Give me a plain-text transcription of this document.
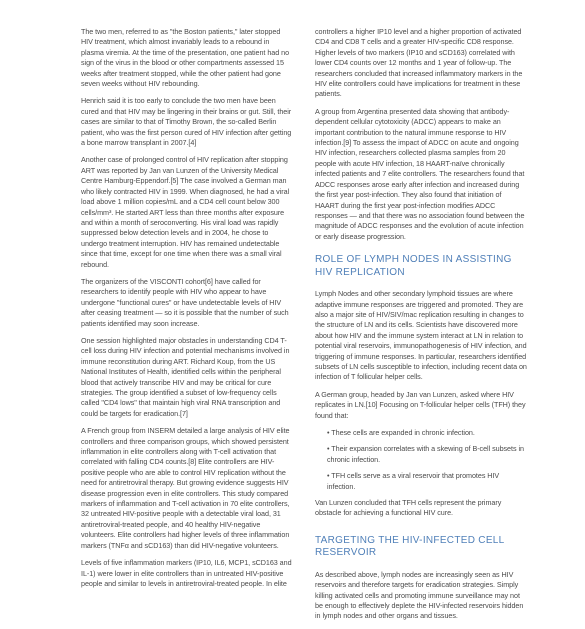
The two men, referred to as "the Boston patients," later stopped HIV treatment, which almost invariably leads to a rebound in plasma viremia. At the time of the presentation, one patient had no sign of the virus in the blood or other compartments assessed 15 weeks after treatment stopped, while the other patient had gone seven weeks without HIV rebounding.

Henrich said it is too early to conclude the two men have been cured and that HIV may be lingering in their brains or gut. Still, their cases are similar to that of Timothy Brown, the so-called Berlin patient, who was the first person cured of HIV infection after getting a bone marrow transplant in 2007.[4]

Another case of prolonged control of HIV replication after stopping ART was reported by Jan van Lunzen of the University Medical Centre Hamburg-Eppendorf.[5] The case involved a German man who likely contracted HIV in 1999. When diagnosed, he had a viral load above 1 million copies/mL and a CD4 cell count below 300 cells/mm³. He started ART less than three months after exposure and within a month of seroconverting. His viral load was rapidly suppressed below detection levels and in 2004, he chose to undergo treatment interruption. HIV has remained undetectable since that time, except for one time when there was a small viral rebound.

The organizers of the VISCONTI cohort[6] have called for researchers to identify people with HIV who appear to have undergone "functional cures" or have undetectable levels of HIV after ceasing treatment — so it is possible that the number of such patients identified may soon increase.

One session highlighted major obstacles in understanding CD4 T-cell loss during HIV infection and potential mechanisms involved in immune reconstitution during ART. Richard Koup, from the US National Institutes of Health, identified cells within the peripheral blood that actively transcribe HIV and may be critical for cure strategies. The group identified a subset of low-frequency cells called "CD4 lows" that maintain high viral RNA transcription and could be targets for eradication.[7]

A French group from INSERM detailed a large analysis of HIV elite controllers and three comparison groups, which showed persistent inflammation in elite controllers along with T-cell activation that correlated with falling CD4 counts.[8] Elite controllers are HIV-positive people who are able to control HIV replication without the need for antiretroviral therapy. But growing evidence suggests HIV disease progression even in elite controllers. This study compared markers of inflammation and T-cell activation in 70 elite controllers, 32 untreated HIV-positive people with a detectable viral load, 31 antiretroviral-treated people, and 40 healthy HIV-negative volunteers. Elite controllers had higher levels of three inflammation markers (TNFα and sCD163) than did HIV-negative volunteers.

Levels of five inflammation markers (IP10, IL6, MCP1, sCD163 and IL-1) were lower in elite controllers than in untreated HIV-positive people and similar to levels in antiretroviral-treated people. In elite

controllers a higher IP10 level and a higher proportion of activated CD4 and CD8 T cells and a greater HIV-specific CD8 response. Higher levels of two markers (IP10 and sCD163) correlated with lower CD4 counts over 12 months and 1 year of follow-up. The researchers concluded that increased inflammatory markers in the HIV elite controllers could have implications for treatment in these patients.

A group from Argentina presented data showing that antibody-dependent cellular cytotoxicity (ADCC) appears to make an important contribution to the natural immune response to HIV infection.[9] To assess the impact of ADCC on acute and ongoing HIV infection, researchers collected plasma samples from 20 people with acute HIV infection, 18 HAART-naïve chronically infected patients and 7 elite controllers. The researchers found that ADCC responses arose early after infection and increased during the first year post-infection. They also found that initiation of HAART during the first year post-infection modifies ADCC responses — and that there was no association found between the magnitude of ADCC responses and the evolution of acute infection or early disease progression.

ROLE OF LYMPH NODES IN ASSISTING HIV REPLICATION

Lymph Nodes and other secondary lymphoid tissues are where adaptive immune responses are triggered and promoted. They are also a major site of HIV/SIV/mac replication resulting in changes to the structure of LN and its cells. Scientists have discovered more about how HIV and the immune system interact at LN in relation to potential viral reservoirs, immunopathogenesis of HIV infection, and triggering of immune responses. In particular, researchers identified subsets of LN cells susceptible to infection, including recent data on infection of T follicular helper cells.

A German group, headed by Jan van Lunzen, asked where HIV replicates in LN.[10] Focusing on T-follicular helper cells (TFH) they found that:

• These cells are expanded in chronic infection.

• Their expansion correlates with a skewing of B-cell subsets in chronic infection.

• TFH cells serve as a viral reservoir that promotes HIV infection.

Van Lunzen concluded that TFH cells represent the primary obstacle for achieving a functional HIV cure.

TARGETING THE HIV-INFECTED CELL RESERVOIR

As described above, lymph nodes are increasingly seen as HIV reservoirs and therefore targets for eradication strategies. Simply killing activated cells and promoting immune surveillance may not be enough to effectively deplete the HIV-infected reservoirs hidden in lymph nodes and other organs and tissues.
